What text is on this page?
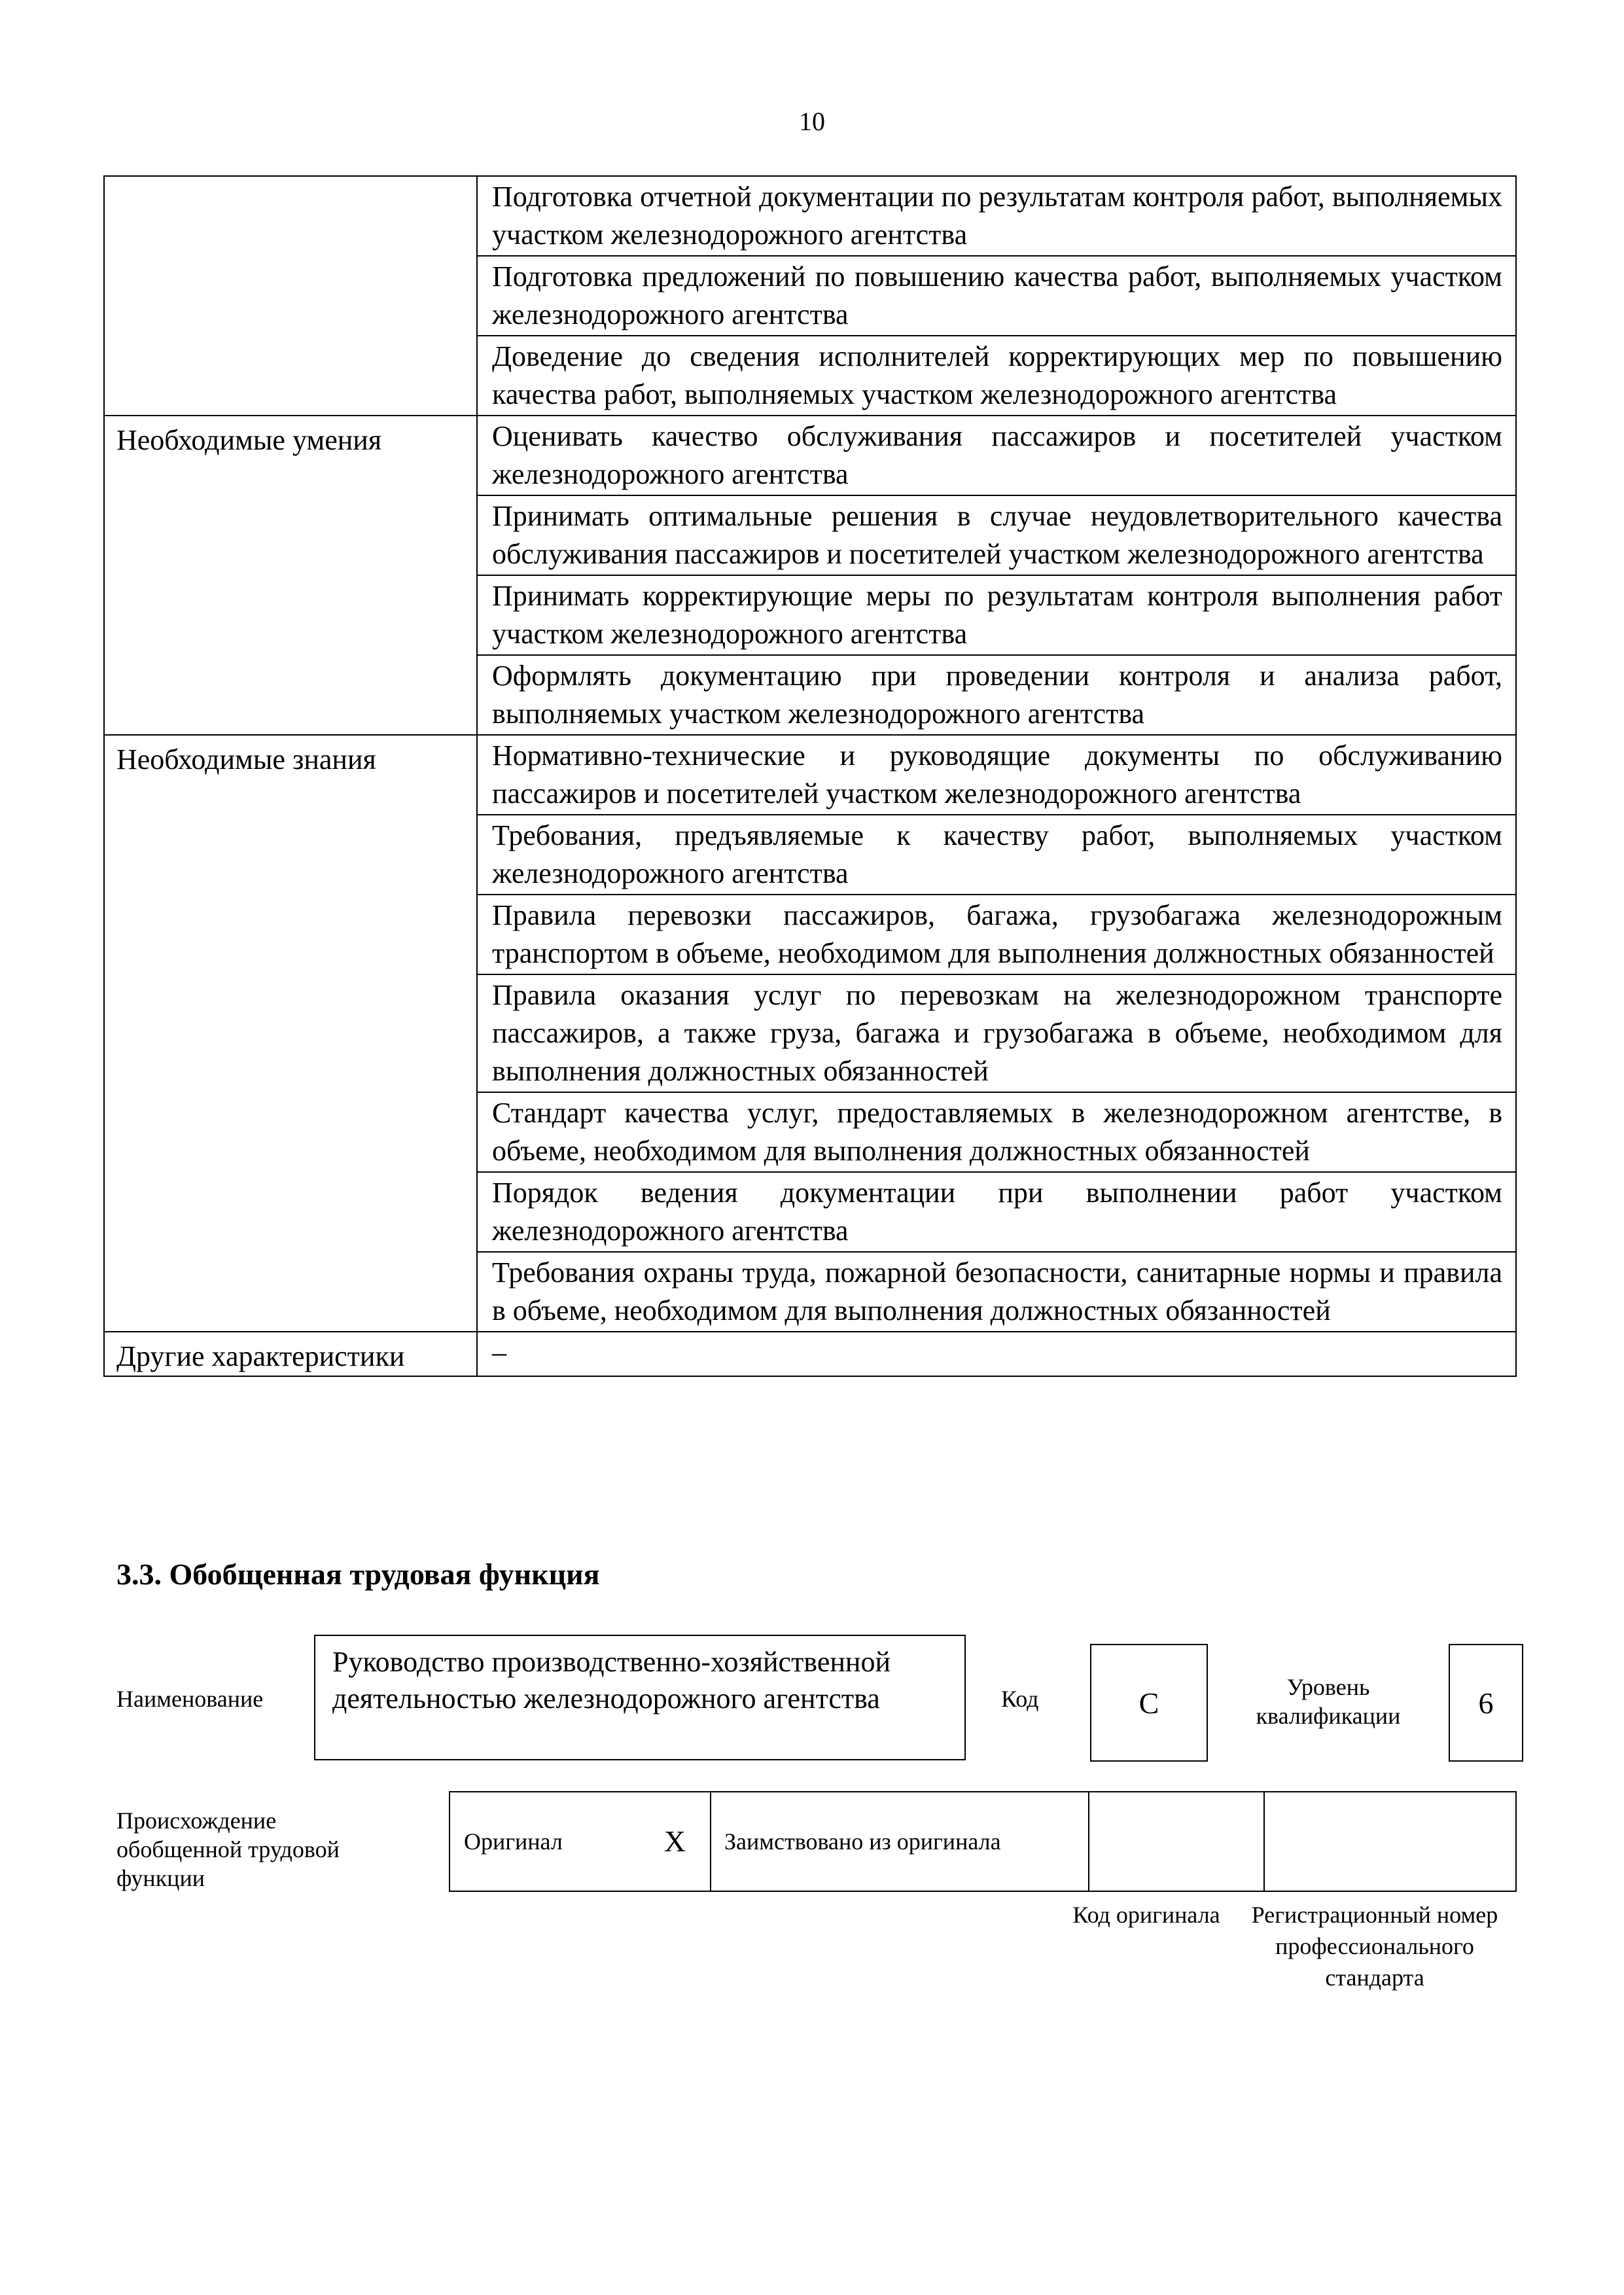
10
	Подготовка отчетной документации по результатам контроля работ, выполняемых участком железнодорожного агентства
	Подготовка предложений по повышению качества работ, выполняемых участком железнодорожного агентства
	Доведение до сведения исполнителей корректирующих мер по повышению качества работ, выполняемых участком железнодорожного агентства
Необходимые умения	Оценивать качество обслуживания пассажиров и посетителей участком железнодорожного агентства
	Принимать оптимальные решения в случае неудовлетворительного качества обслуживания пассажиров и посетителей участком железнодорожного агентства
	Принимать корректирующие меры по результатам контроля выполнения работ участком железнодорожного агентства
	Оформлять документацию при проведении контроля и анализа работ, выполняемых участком железнодорожного агентства
Необходимые знания	Нормативно-технические и руководящие документы по обслуживанию пассажиров и посетителей участком железнодорожного агентства
	Требования, предъявляемые к качеству работ, выполняемых участком железнодорожного агентства
	Правила перевозки пассажиров, багажа, грузобагажа железнодорожным транспортом в объеме, необходимом для выполнения должностных обязанностей
	Правила оказания услуг по перевозкам на железнодорожном транспорте пассажиров, а также груза, багажа и грузобагажа в объеме, необходимом для выполнения должностных обязанностей
	Стандарт качества услуг, предоставляемых в железнодорожном агентстве, в объеме, необходимом для выполнения должностных обязанностей
	Порядок ведения документации при выполнении работ участком железнодорожного агентства
	Требования охраны труда, пожарной безопасности, санитарные нормы и правила в объеме, необходимом для выполнения должностных обязанностей
Другие характеристики	–
3.3. Обобщенная трудовая функция
Наименование
Руководство производственно-хозяйственной деятельностью железнодорожного агентства	Код	С	Уровень квалификации	6
Происхождение обобщенной трудовой функции
Оригинал	Х	Заимствовано из оригинала		
Код оригинала	Регистрационный номер профессионального стандарта
